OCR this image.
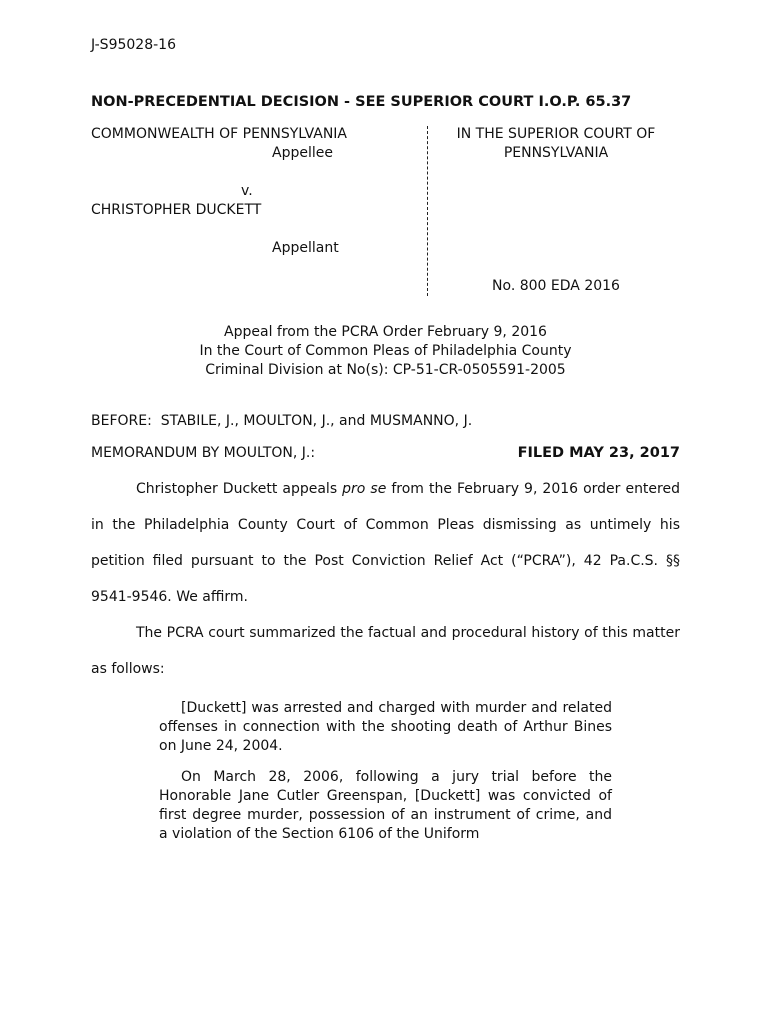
J-S95028-16
NON-PRECEDENTIAL DECISION - SEE SUPERIOR COURT I.O.P. 65.37
COMMONWEALTH OF PENNSYLVANIA
Appellee
v.
CHRISTOPHER DUCKETT
Appellant
IN THE SUPERIOR COURT OF
PENNSYLVANIA
No. 800 EDA 2016
Appeal from the PCRA Order February 9, 2016
In the Court of Common Pleas of Philadelphia County
Criminal Division at No(s): CP-51-CR-0505591-2005
BEFORE:  STABILE, J., MOULTON, J., and MUSMANNO, J.
MEMORANDUM BY MOULTON, J.:	FILED MAY 23, 2017
Christopher Duckett appeals pro se from the February 9, 2016 order entered in the Philadelphia County Court of Common Pleas dismissing as untimely his petition filed pursuant to the Post Conviction Relief Act (“PCRA”), 42 Pa.C.S. §§ 9541-9546. We affirm.
The PCRA court summarized the factual and procedural history of this matter as follows:
[Duckett] was arrested and charged with murder and related offenses in connection with the shooting death of Arthur Bines on June 24, 2004.
On March 28, 2006, following a jury trial before the Honorable Jane Cutler Greenspan, [Duckett] was convicted of first degree murder, possession of an instrument of crime, and a violation of the Section 6106 of the Uniform
